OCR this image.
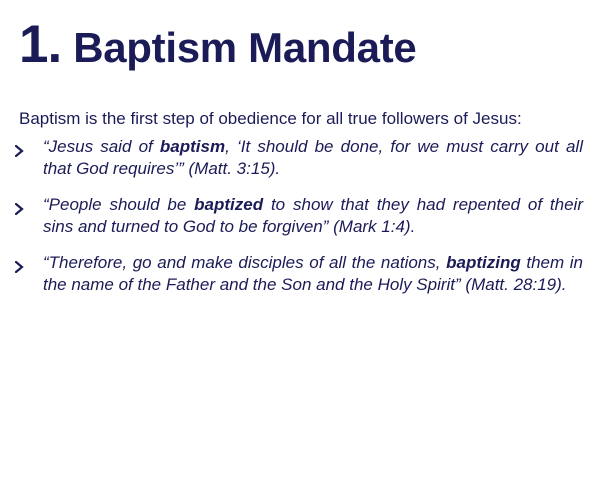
1. Baptism Mandate
Baptism is the first step of obedience for all true followers of Jesus:
“Jesus said of baptism, ‘It should be done, for we must carry out all that God requires’” (Matt. 3:15).
“People should be baptized to show that they had repented of their sins and turned to God to be forgiven” (Mark 1:4).
“Therefore, go and make disciples of all the nations, baptizing them in the name of the Father and the Son and the Holy Spirit” (Matt. 28:19).
